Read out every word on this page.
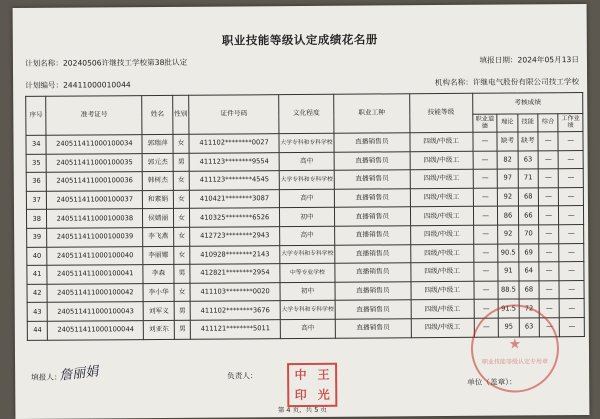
职业技能等级认定成绩花名册
计划名称：20240506许继技工学校第38批认定	填报日期：2024年05月13日
计划编号：24411000010044	机构名称：许继电气股份有限公司技工学校
序号	准考证号	姓名	性别	证件号码	文化程度	职业工种	技能等级	考核成绩				
								职业道德	理论	技能	综合	工作业绩
34	240511411000100034	郭瑞萍	女	411102********0027	大学专科和专科学校	直播销售员	四级/中级工	—	缺考	缺考	—	—
35	240511411000100035	郭元杰	男	411123********9554	高中	直播销售员	四级/中级工	—	82	63	—	—
36	240511411000100036	韩树杰	女	411123********4545	大学专科和专科学校	直播销售员	四级/中级工	—	97	71	—	—
37	240511411000100037	和素娟	女	410421********3087	高中	直播销售员	四级/中级工	—	92	68	—	—
38	240511411000100038	侯婧丽	女	410325********6526	初中	直播销售员	四级/中级工	—	86	66	—	—
39	240511411000100039	李飞燕	女	412723********2943	高中	直播销售员	四级/中级工	—	92	70	—	—
40	240511411000100040	李丽娜	女	410928********2143	大学专科和专科学校	直播销售员	四级/中级工	—	90.5	69	—	—
41	240511411000100041	李森	男	412821********2954	中等专业学校	直播销售员	四级/中级工	—	91	64	—	—
42	240511411000100042	李小华	女	411103********0020	初中	直播销售员	四级/中级工	—	88.5	68	—	—
43	240511411000100043	刘军义	男	411102********3676	大学专科和专科学校	直播销售员	四级/中级工	—	91.5	72	—	—
44	240511411000100044	刘亚东	男	411121********5011	高中	直播销售员	四级/中级工	—	95	63	—	—
填报人：	负责人：
单位（盖章）：
第 4 页，共 5 页
詹丽娟	中 王
印 光
★
职业技能等级认定专用章
